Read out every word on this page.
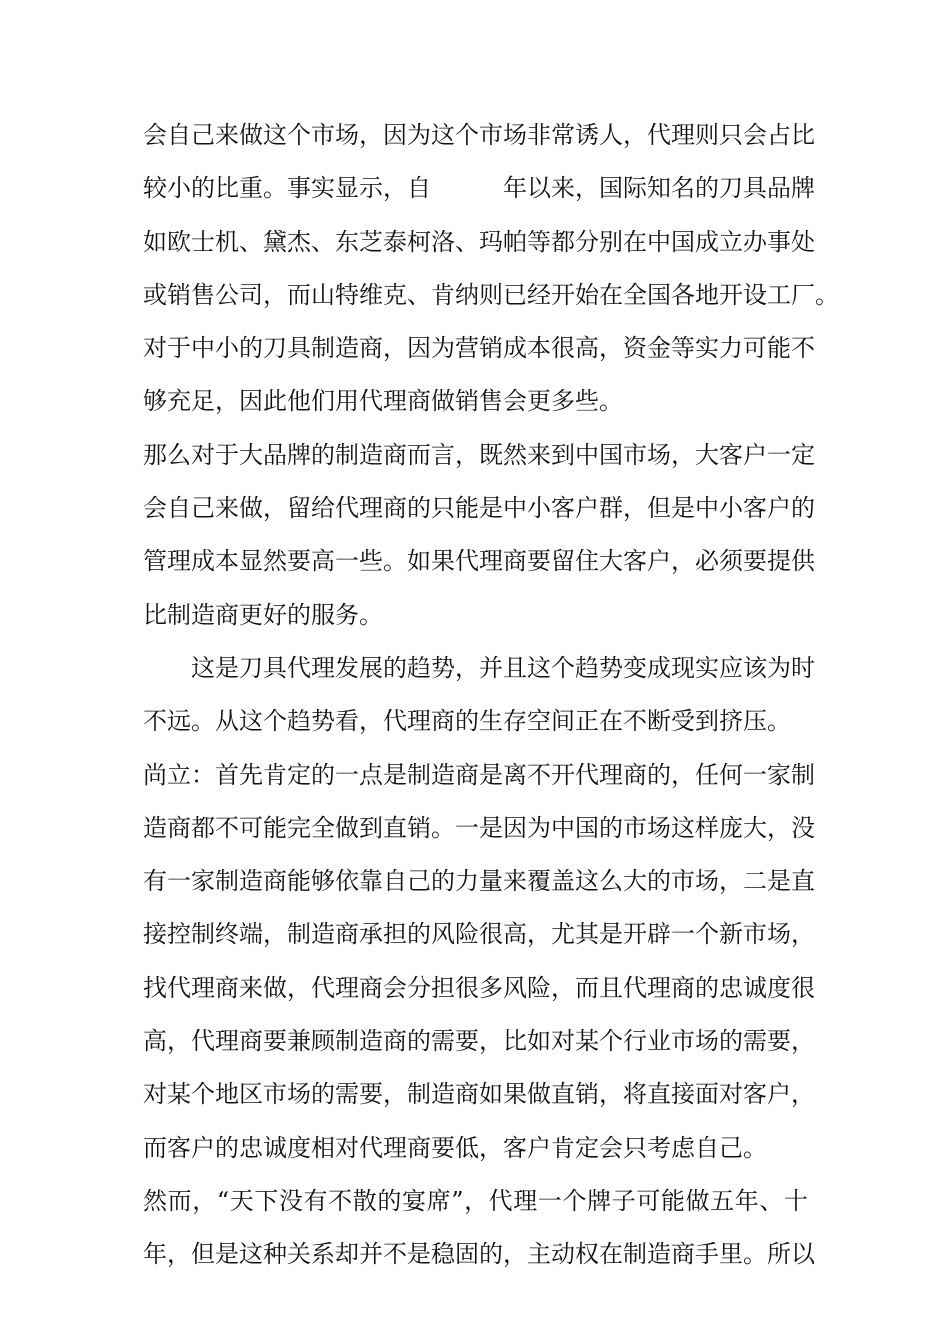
会自己来做这个市场，因为这个市场非常诱人，代理则只会占比
较小的比重。事实显示，自	年以来，国际知名的刀具品牌
如欧士机、黛杰、东芝泰柯洛、玛帕等都分别在中国成立办事处
或销售公司，而山特维克、肯纳则已经开始在全国各地开设工厂。
对于中小的刀具制造商，因为营销成本很高，资金等实力可能不
够充足，因此他们用代理商做销售会更多些。
那么对于大品牌的制造商而言，既然来到中国市场，大客户一定
会自己来做，留给代理商的只能是中小客户群，但是中小客户的
管理成本显然要高一些。如果代理商要留住大客户，必须要提供
比制造商更好的服务。
这是刀具代理发展的趋势，并且这个趋势变成现实应该为时
不远。从这个趋势看，代理商的生存空间正在不断受到挤压。
尚立：首先肯定的一点是制造商是离不开代理商的，任何一家制
造商都不可能完全做到直销。一是因为中国的市场这样庞大，没
有一家制造商能够依靠自己的力量来覆盖这么大的市场，二是直
接控制终端，制造商承担的风险很高，尤其是开辟一个新市场，
找代理商来做，代理商会分担很多风险，而且代理商的忠诚度很
高，代理商要兼顾制造商的需要，比如对某个行业市场的需要，
对某个地区市场的需要，制造商如果做直销，将直接面对客户，
而客户的忠诚度相对代理商要低，客户肯定会只考虑自己。
然而，“天下没有不散的宴席”，代理一个牌子可能做五年、十
年，但是这种关系却并不是稳固的，主动权在制造商手里。所以
